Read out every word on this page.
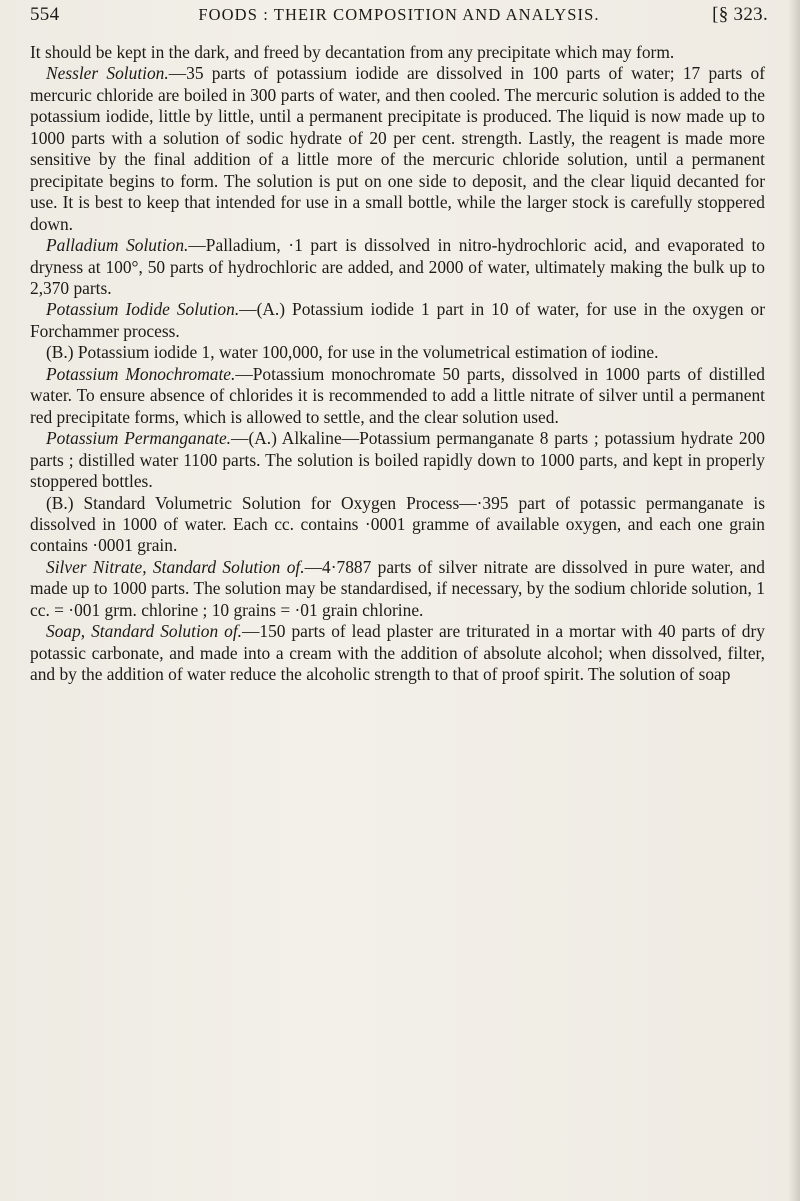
554	FOODS : THEIR COMPOSITION AND ANALYSIS.	[§ 323.

It should be kept in the dark, and freed by decantation from any precipitate which may form.

Nessler Solution.—35 parts of potassium iodide are dissolved in 100 parts of water; 17 parts of mercuric chloride are boiled in 300 parts of water, and then cooled. The mercuric solution is added to the potassium iodide, little by little, until a permanent precipitate is produced. The liquid is now made up to 1000 parts with a solution of sodic hydrate of 20 per cent. strength. Lastly, the reagent is made more sensitive by the final addition of a little more of the mercuric chloride solution, until a permanent precipitate begins to form. The solution is put on one side to deposit, and the clear liquid decanted for use. It is best to keep that intended for use in a small bottle, while the larger stock is carefully stoppered down.

Palladium Solution.—Palladium, ·1 part is dissolved in nitro-hydrochloric acid, and evaporated to dryness at 100°, 50 parts of hydrochloric are added, and 2000 of water, ultimately making the bulk up to 2,370 parts.

Potassium Iodide Solution.—(A.) Potassium iodide 1 part in 10 of water, for use in the oxygen or Forchammer process.

(B.) Potassium iodide 1, water 100,000, for use in the volumetrical estimation of iodine.

Potassium Monochromate.—Potassium monochromate 50 parts, dissolved in 1000 parts of distilled water. To ensure absence of chlorides it is recommended to add a little nitrate of silver until a permanent red precipitate forms, which is allowed to settle, and the clear solution used.

Potassium Permanganate.—(A.) Alkaline—Potassium permanganate 8 parts ; potassium hydrate 200 parts ; distilled water 1100 parts. The solution is boiled rapidly down to 1000 parts, and kept in properly stoppered bottles.

(B.) Standard Volumetric Solution for Oxygen Process—·395 part of potassic permanganate is dissolved in 1000 of water. Each cc. contains ·0001 gramme of available oxygen, and each one grain contains ·0001 grain.

Silver Nitrate, Standard Solution of.—4·7887 parts of silver nitrate are dissolved in pure water, and made up to 1000 parts. The solution may be standardised, if necessary, by the sodium chloride solution, 1 cc. = ·001 grm. chlorine ; 10 grains = ·01 grain chlorine.

Soap, Standard Solution of.—150 parts of lead plaster are triturated in a mortar with 40 parts of dry potassic carbonate, and made into a cream with the addition of absolute alcohol; when dissolved, filter, and by the addition of water reduce the alcoholic strength to that of proof spirit. The solution of soap
